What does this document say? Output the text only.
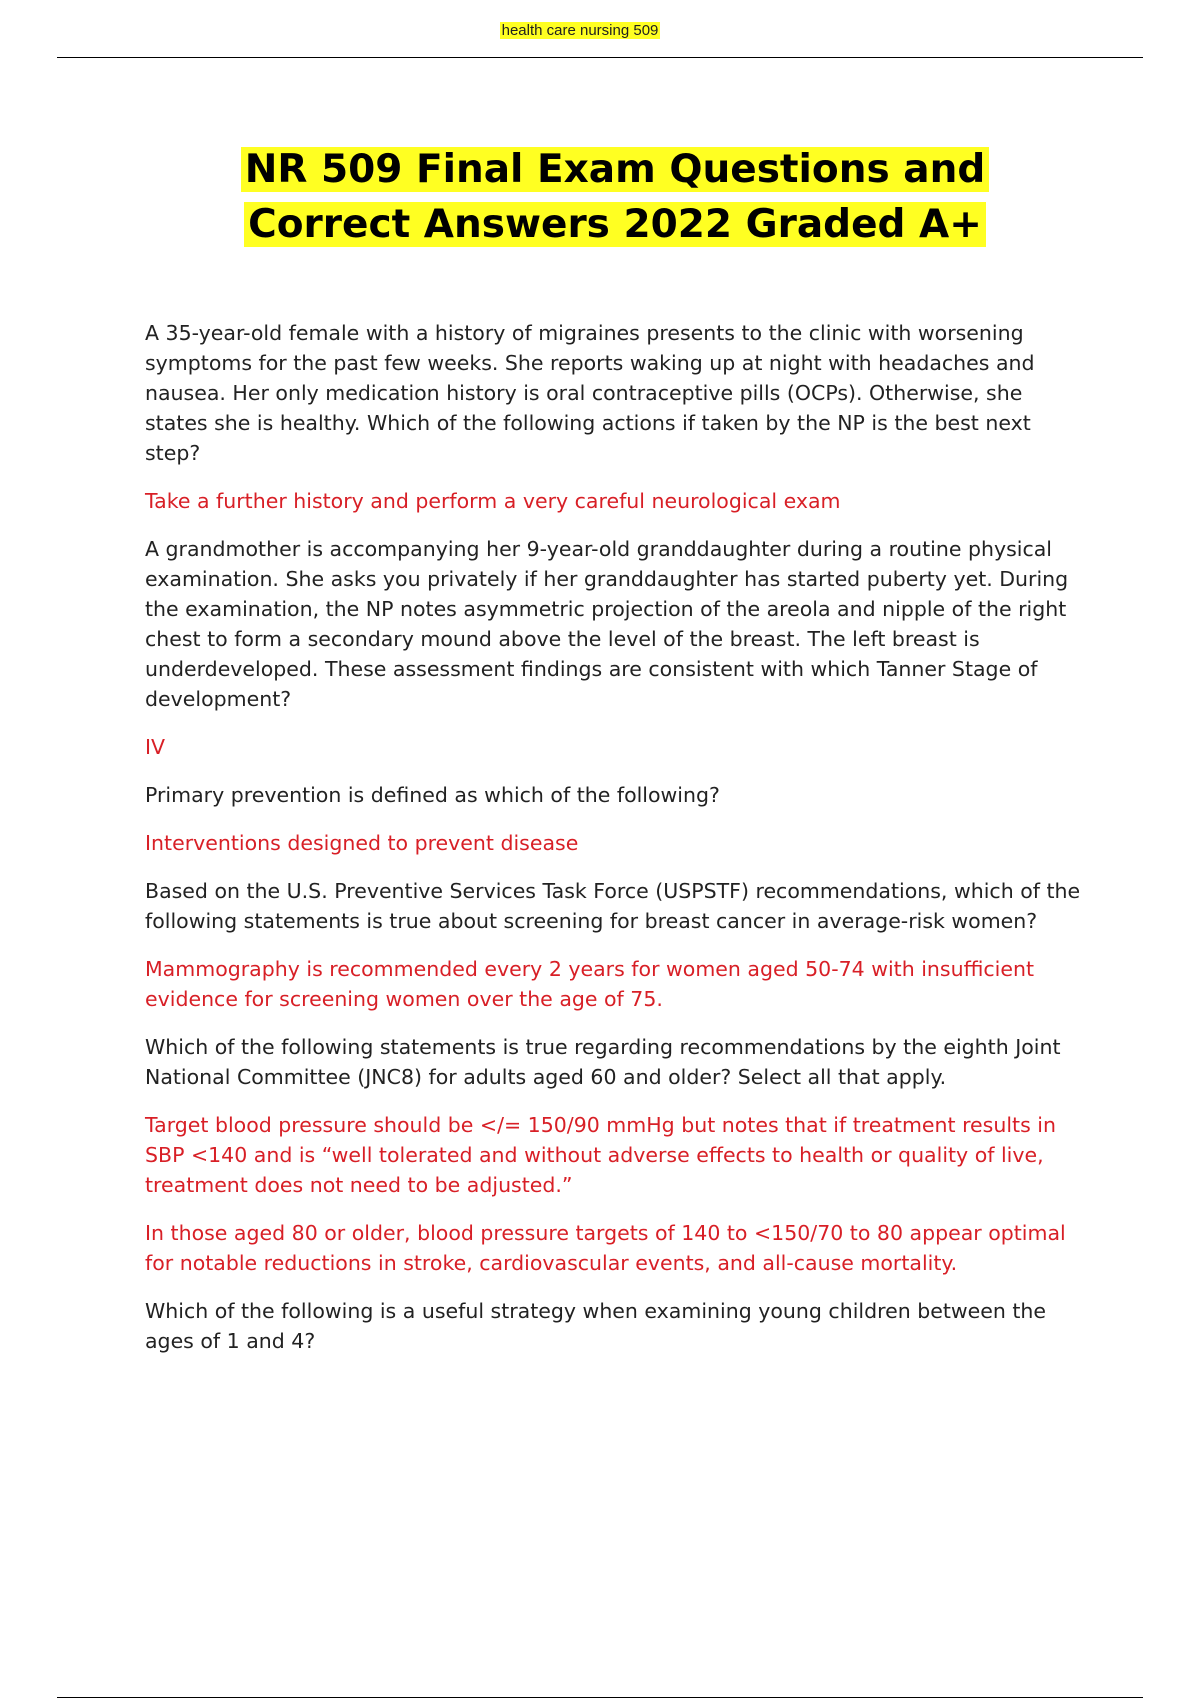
health care nursing 509
NR 509 Final Exam Questions and
Correct Answers 2022 Graded A+

A 35-year-old female with a history of migraines presents to the clinic with worsening symptoms for the past few weeks. She reports waking up at night with headaches and nausea. Her only medication history is oral contraceptive pills (OCPs). Otherwise, she states she is healthy. Which of the following actions if taken by the NP is the best next step?

Take a further history and perform a very careful neurological exam

A grandmother is accompanying her 9-year-old granddaughter during a routine physical examination. She asks you privately if her granddaughter has started puberty yet. During the examination, the NP notes asymmetric projection of the areola and nipple of the right chest to form a secondary mound above the level of the breast. The left breast is underdeveloped. These assessment findings are consistent with which Tanner Stage of development?

IV

Primary prevention is defined as which of the following?

Interventions designed to prevent disease

Based on the U.S. Preventive Services Task Force (USPSTF) recommendations, which of the following statements is true about screening for breast cancer in average-risk women?

Mammography is recommended every 2 years for women aged 50-74 with insufficient evidence for screening women over the age of 75.

Which of the following statements is true regarding recommendations by the eighth Joint National Committee (JNC8) for adults aged 60 and older? Select all that apply.

Target blood pressure should be </= 150/90 mmHg but notes that if treatment results in SBP <140 and is “well tolerated and without adverse effects to health or quality of live, treatment does not need to be adjusted.”

In those aged 80 or older, blood pressure targets of 140 to <150/70 to 80 appear optimal for notable reductions in stroke, cardiovascular events, and all-cause mortality.

Which of the following is a useful strategy when examining young children between the ages of 1 and 4?
